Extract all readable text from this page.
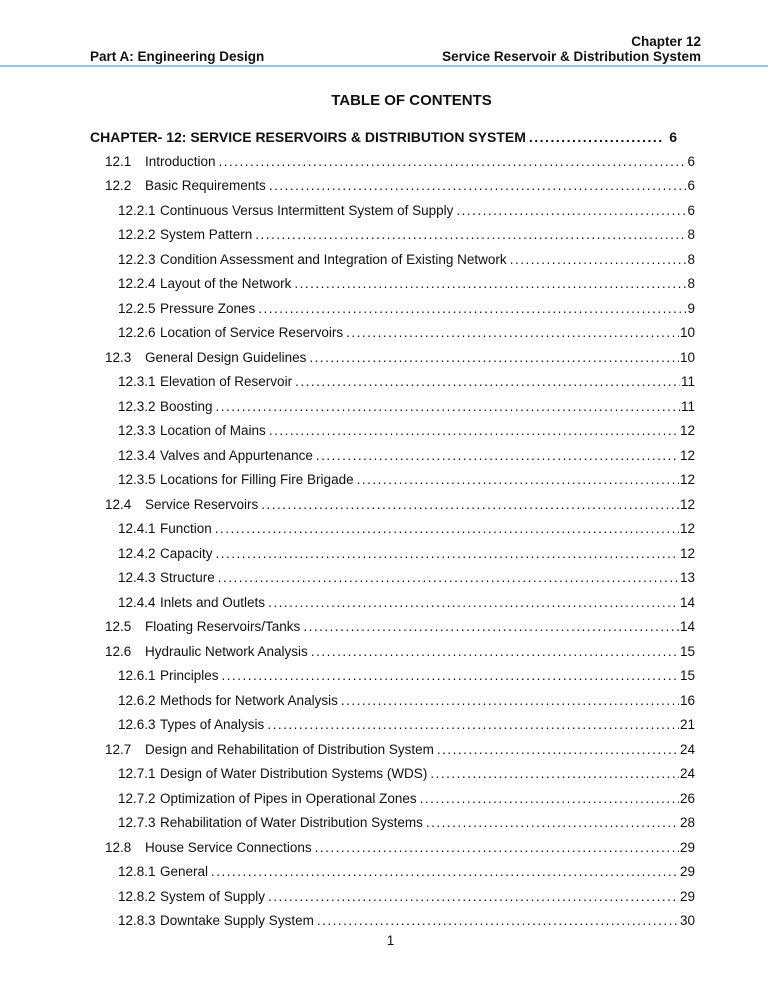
Part A: Engineering Design
Chapter 12
Service Reservoir & Distribution System
TABLE OF CONTENTS
CHAPTER- 12: SERVICE RESERVOIRS & DISTRIBUTION SYSTEM .....	6
12.1	Introduction .....	6
12.2	Basic Requirements .....	6
12.2.1 Continuous Versus Intermittent System of Supply .....	6
12.2.2 System Pattern .....	8
12.2.3 Condition Assessment and Integration of Existing Network .....	8
12.2.4 Layout of the Network .....	8
12.2.5 Pressure Zones .....	9
12.2.6 Location of Service Reservoirs .....	10
12.3	General Design Guidelines .....	10
12.3.1 Elevation of Reservoir .....	11
12.3.2 Boosting .....	11
12.3.3 Location of Mains .....	12
12.3.4 Valves and Appurtenance .....	12
12.3.5 Locations for Filling Fire Brigade .....	12
12.4	Service Reservoirs .....	12
12.4.1 Function .....	12
12.4.2 Capacity .....	12
12.4.3 Structure .....	13
12.4.4 Inlets and Outlets .....	14
12.5	Floating Reservoirs/Tanks .....	14
12.6	Hydraulic Network Analysis .....	15
12.6.1 Principles .....	15
12.6.2 Methods for Network Analysis .....	16
12.6.3 Types of Analysis .....	21
12.7	Design and Rehabilitation of Distribution System .....	24
12.7.1 Design of Water Distribution Systems (WDS) .....	24
12.7.2 Optimization of Pipes in Operational Zones .....	26
12.7.3 Rehabilitation of Water Distribution Systems .....	28
12.8	House Service Connections .....	29
12.8.1 General .....	29
12.8.2 System of Supply .....	29
12.8.3 Downtake Supply System .....	30
1
